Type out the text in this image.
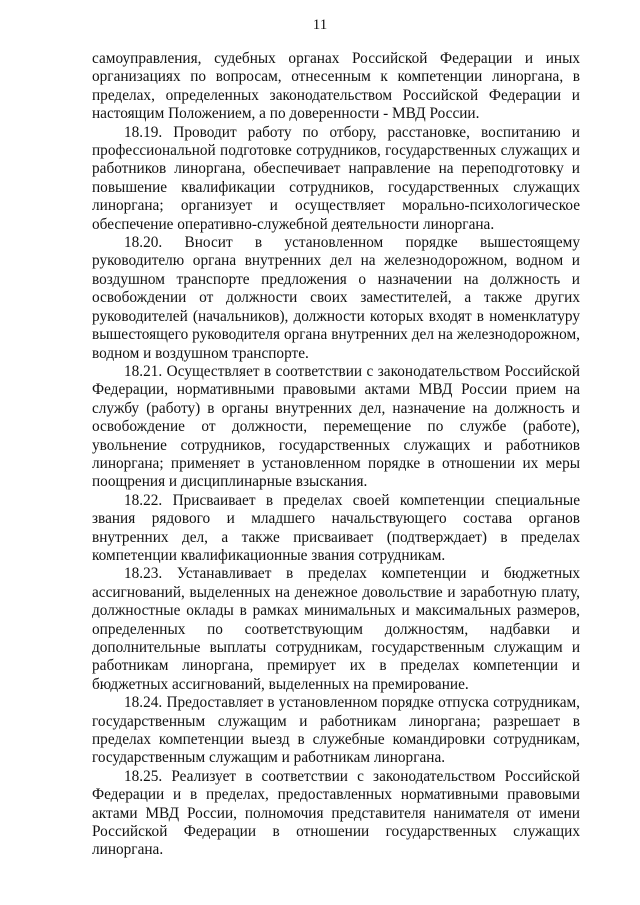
11

самоуправления, судебных органах Российской Федерации и иных организациях по вопросам, отнесенным к компетенции линоргана, в пределах, определенных законодательством Российской Федерации и настоящим Положением, а по доверенности - МВД России.

18.19. Проводит работу по отбору, расстановке, воспитанию и профессиональной подготовке сотрудников, государственных служащих и работников линоргана, обеспечивает направление на переподготовку и повышение квалификации сотрудников, государственных служащих линоргана; организует и осуществляет морально-психологическое обеспечение оперативно-служебной деятельности линоргана.

18.20. Вносит в установленном порядке вышестоящему руководителю органа внутренних дел на железнодорожном, водном и воздушном транспорте предложения о назначении на должность и освобождении от должности своих заместителей, а также других руководителей (начальников), должности которых входят в номенклатуру вышестоящего руководителя органа внутренних дел на железнодорожном, водном и воздушном транспорте.

18.21. Осуществляет в соответствии с законодательством Российской Федерации, нормативными правовыми актами МВД России прием на службу (работу) в органы внутренних дел, назначение на должность и освобождение от должности, перемещение по службе (работе), увольнение сотрудников, государственных служащих и работников линоргана; применяет в установленном порядке в отношении их меры поощрения и дисциплинарные взыскания.

18.22. Присваивает в пределах своей компетенции специальные звания рядового и младшего начальствующего состава органов внутренних дел, а также присваивает (подтверждает) в пределах компетенции квалификационные звания сотрудникам.

18.23. Устанавливает в пределах компетенции и бюджетных ассигнований, выделенных на денежное довольствие и заработную плату, должностные оклады в рамках минимальных и максимальных размеров, определенных по соответствующим должностям, надбавки и дополнительные выплаты сотрудникам, государственным служащим и работникам линоргана, премирует их в пределах компетенции и бюджетных ассигнований, выделенных на премирование.

18.24. Предоставляет в установленном порядке отпуска сотрудникам, государственным служащим и работникам линоргана; разрешает в пределах компетенции выезд в служебные командировки сотрудникам, государственным служащим и работникам линоргана.

18.25. Реализует в соответствии с законодательством Российской Федерации и в пределах, предоставленных нормативными правовыми актами МВД России, полномочия представителя нанимателя от имени Российской Федерации в отношении государственных служащих линоргана.
